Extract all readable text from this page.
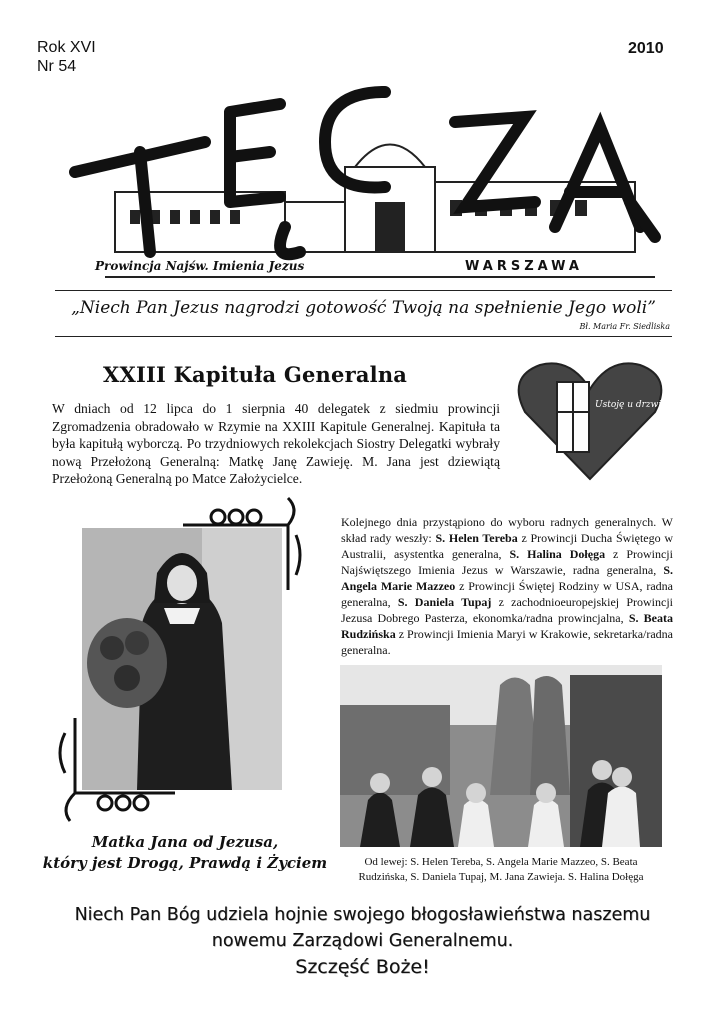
Rok XVI
Nr 54
2010
Prowincja Najśw. Imienia Jezus	WARSZAWA
„Niech Pan Jezus nagrodzi gotowość Twoją na spełnienie Jego woli”
Bł. Maria Fr. Siedliska
XXIII Kapituła Generalna
W dniach od 12 lipca do 1 sierpnia 40 delegatek z siedmiu prowincji Zgromadzenia obradowało w Rzymie na XXIII Kapitule Generalnej. Kapituła ta była kapitułą wyborczą. Po trzydniowych rekolekcjach Siostry Delegatki wybrały nową Przełożoną Generalną: Matkę Janę Zawieję. M. Jana jest dziewiątą Przełożoną Generalną po Matce Założycielce.
Ustoję u drzwi i kołaczę
Matka Jana od Jezusa,
który jest Drogą, Prawdą i Życiem
Kolejnego dnia przystąpiono do wyboru radnych generalnych. W skład rady weszły: S. Helen Tereba z Prowincji Ducha Świętego w Australii, asystentka generalna, S. Halina Dołęga z Prowincji Najświętszego Imienia Jezus w Warszawie, radna generalna, S. Angela Marie Mazzeo z Prowincji Świętej Rodziny w USA, radna generalna, S. Daniela Tupaj z zachodnioeuropejskiej Prowincji Jezusa Dobrego Pasterza, ekonomka/radna prowincjalna, S. Beata Rudzińska z Prowincji Imienia Maryi w Krakowie, sekretarka/radna generalna.
Od lewej: S. Helen Tereba, S. Angela Marie Mazzeo, S. Beata Rudzińska, S. Daniela Tupaj, M. Jana Zawieja. S. Halina Dołęga
Niech Pan Bóg udziela hojnie swojego błogosławieństwa naszemu
nowemu Zarządowi Generalnemu.
Szczęść Boże!
